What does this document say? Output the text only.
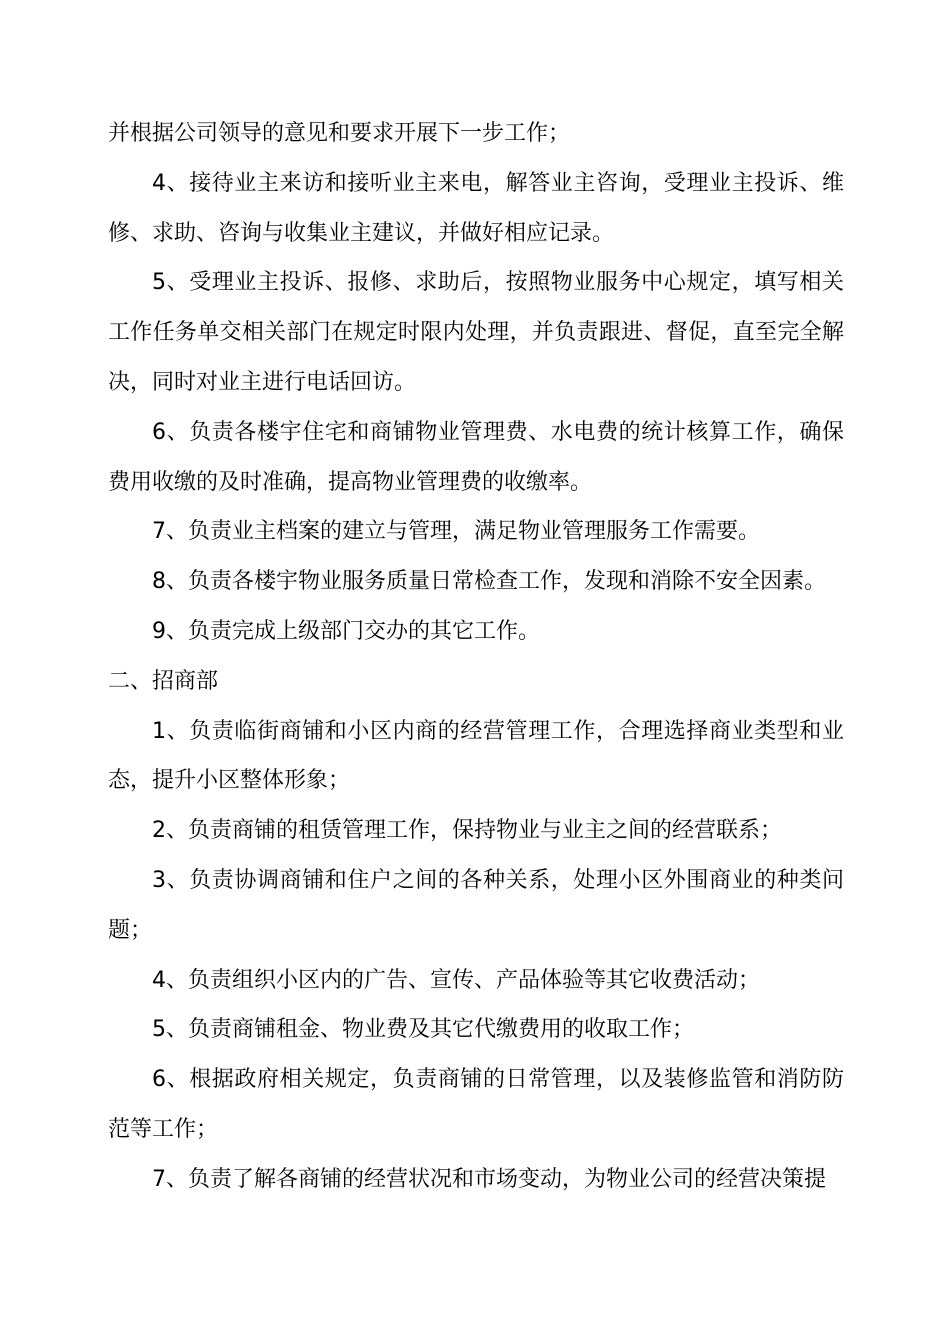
并根据公司领导的意见和要求开展下一步工作；

4、接待业主来访和接听业主来电，解答业主咨询，受理业主投诉、维修、求助、咨询与收集业主建议，并做好相应记录。

5、受理业主投诉、报修、求助后，按照物业服务中心规定，填写相关工作任务单交相关部门在规定时限内处理，并负责跟进、督促，直至完全解决，同时对业主进行电话回访。

6、负责各楼宇住宅和商铺物业管理费、水电费的统计核算工作，确保费用收缴的及时准确，提高物业管理费的收缴率。

7、负责业主档案的建立与管理，满足物业管理服务工作需要。

8、负责各楼宇物业服务质量日常检查工作，发现和消除不安全因素。

9、负责完成上级部门交办的其它工作。

二、招商部

1、负责临街商铺和小区内商的经营管理工作，合理选择商业类型和业态，提升小区整体形象；

2、负责商铺的租赁管理工作，保持物业与业主之间的经营联系；

3、负责协调商铺和住户之间的各种关系，处理小区外围商业的种类问题；

4、负责组织小区内的广告、宣传、产品体验等其它收费活动；

5、负责商铺租金、物业费及其它代缴费用的收取工作；

6、根据政府相关规定，负责商铺的日常管理，以及装修监管和消防防范等工作；

7、负责了解各商铺的经营状况和市场变动，为物业公司的经营决策提
